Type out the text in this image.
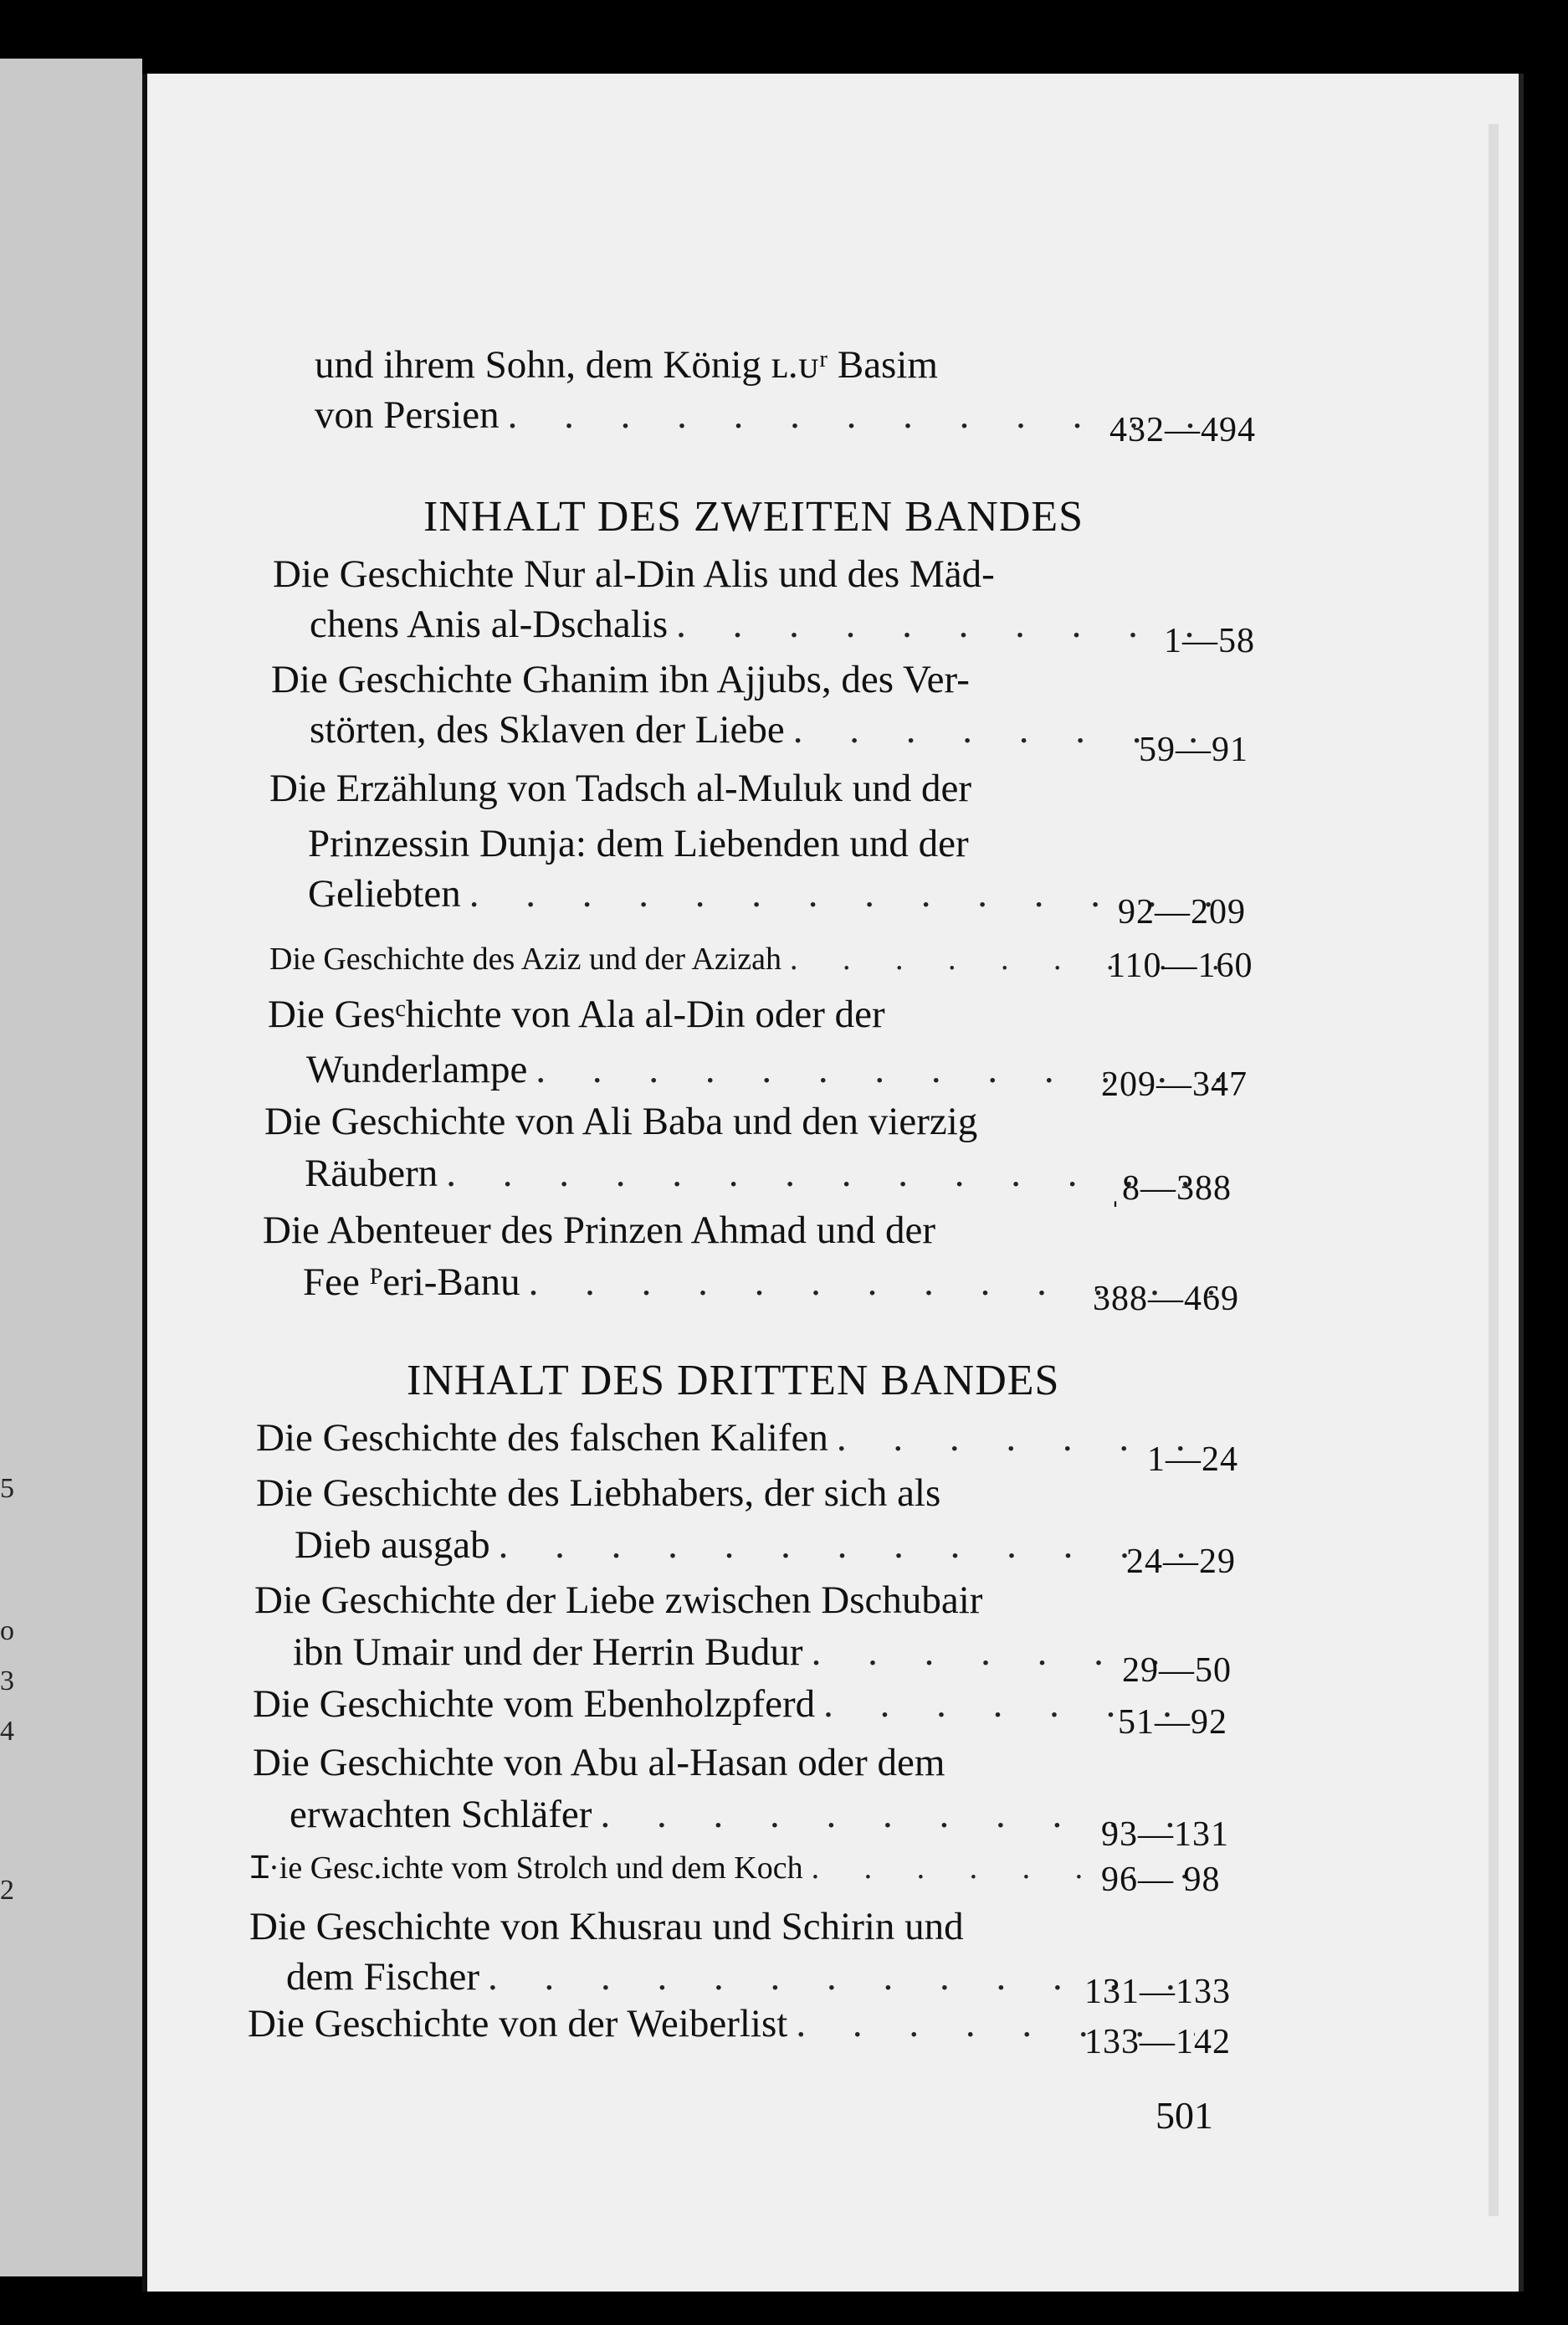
5
o
3
4
2
und ihrem Sohn, dem König ʟ.ᴜʳ Basim
von Persien . . .	432—494
INHALT DES ZWEITEN BANDES
Die Geschichte Nur al-Din Alis und des Mäd-
chens Anis al-Dschalis . . .	1—58
Die Geschichte Ghanim ibn Ajjubs, des Ver-
störten, des Sklaven der Liebe . . .	59—91
Die Erzählung von Tadsch al-Muluk und der
Prinzessin Dunja: dem Liebenden und der
Geliebten . . .	92—209
Die Geschichte des Aziz und der Azizah . . .	110—160
Die Gesᶜhichte von Ala al-Din oder der
Wunderlampe . . .	209—347
Die Geschichte von Ali Baba und den vierzig
Räubern . . .	ˌ8—388
Die Abenteuer des Prinzen Ahmad und der
Fee ᴾeri-Banu . . .	388—469
INHALT DES DRITTEN BANDES
Die Geschichte des falschen Kalifen . . .	1—24
Die Geschichte des Liebhabers, der sich als
Dieb ausgab . . .	24—29
Die Geschichte der Liebe zwischen Dschubair
ibn Umair und der Herrin Budur . . .	29—50
Die Geschichte vom Ebenholzpferd . . .	51—92
Die Geschichte von Abu al-Hasan oder dem
erwachten Schläfer . . .	93—131
Ɪ·ie Gesc.ichte vom Strolch und dem Koch . . .	96— 98
Die Geschichte von Khusrau und Schirin und
dem Fischer . . .	131—133
Die Geschichte von der Weiberlist . . .	133—142
501
